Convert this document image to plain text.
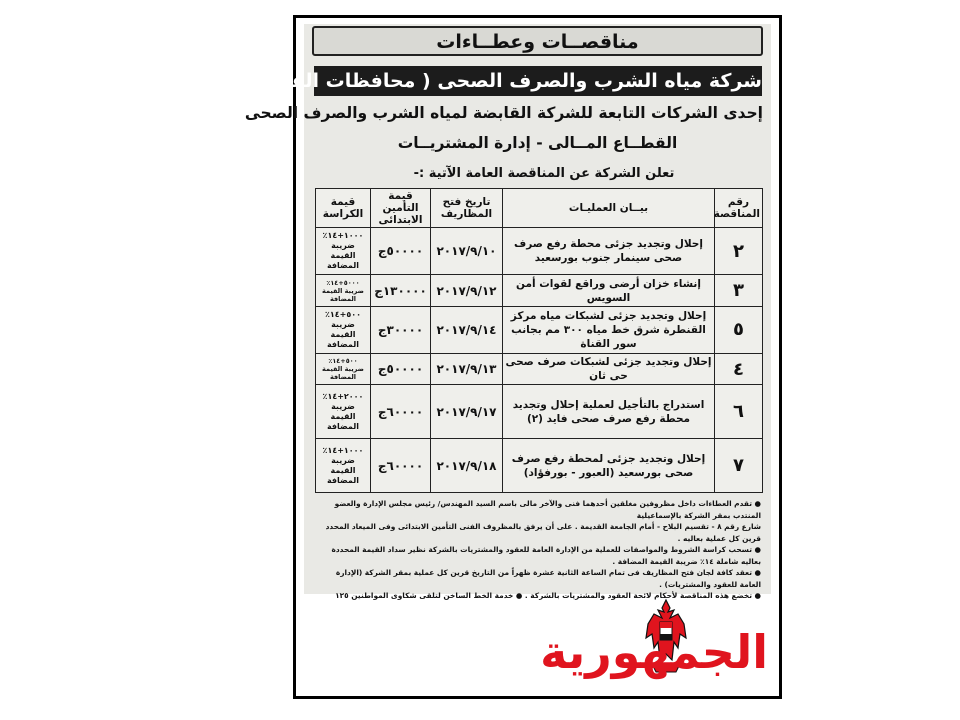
مناقصــات وعطــاءات
شركة مياه الشرب والصرف الصحى ( محافظات القناة )
إحدى الشركات التابعة للشركة القابضة لمياه الشرب والصرف الصحى
القطــاع المــالى - إدارة المشتريــات
تعلن الشركة عن المناقصة العامة الآتية :-
رقم المناقصة	بيــان العمليـات	تاريخ فتح المظاريف	قيمة التأمين الابتدائى	قيمة الكراسة
٢	إحلال وتجديد جزئى محطة رفع صرف صحى سينمار جنوب بورسعيد	٢٠١٧/٩/١٠	٥٠٠٠٠ج	١٠٠٠+١٤٪ ضريبة القيمة المضافة
٣	إنشاء خزان أرضى وراقع لقوات أمن السويس	٢٠١٧/٩/١٢	١٣٠٠٠٠ج	٥٠٠٠+١٤٪ ضريبة القيمة المضافة
٥	إحلال وتجديد جزئى لشبكات مياه مركز القنطرة شرق خط مياه ٣٠٠ مم بجانب سور القناة	٢٠١٧/٩/١٤	٣٠٠٠٠ج	٥٠٠+١٤٪ ضريبة القيمة المضافة
٤	إحلال وتجديد جزئى لشبكات صرف صحى حى ثان	٢٠١٧/٩/١٣	٥٠٠٠٠ج	٥٠٠+١٤٪ ضريبة القيمة المضافة
٦	استدراج بالتأجيل لعملية إحلال وتجديد محطة رفع صرف صحى فايد (٢)	٢٠١٧/٩/١٧	٦٠٠٠٠ج	٢٠٠٠+١٤٪ ضريبة القيمة المضافة
٧	إحلال وتجديد جزئى لمحطة رفع صرف صحى بورسعيد (العبور - بورفؤاد)	٢٠١٧/٩/١٨	٦٠٠٠٠ج	١٠٠٠+١٤٪ ضريبة القيمة المضافة
● تقدم العطاءات داخل مظروفين مغلقين أحدهما فنى والآخر مالى باسم السيد المهندس/ رئيس مجلس الإدارة والعضو المنتدب بمقر الشركة بالإسماعيلية
شارع رقم ٨ - تقسيم البلاح - أمام الجامعة القديمة . على أن يرفق بالمظروف الفنى التأمين الابتدائى وفى الميعاد المحدد قرين كل عملية بعاليه .
● تسحب كراسة الشروط والمواصفات للعملية من الإدارة العامة للعقود والمشتريات بالشركة نظير سداد القيمة المحددة بعاليه شاملة ١٤٪ ضريبة القيمة المضافة .
● تعقد كافة لجان فتح المظاريف فى تمام الساعة الثانية عشرة ظهراً من التاريخ قرين كل عملية بمقر الشركة (الإدارة العامة للعقود والمشتريات) .
● تخضع هذه المناقصة لأحكام لائحة العقود والمشتريات بالشركة . ● خدمة الخط الساخن لتلقى شكاوى المواطنين ١٢٥
الجمهورية
